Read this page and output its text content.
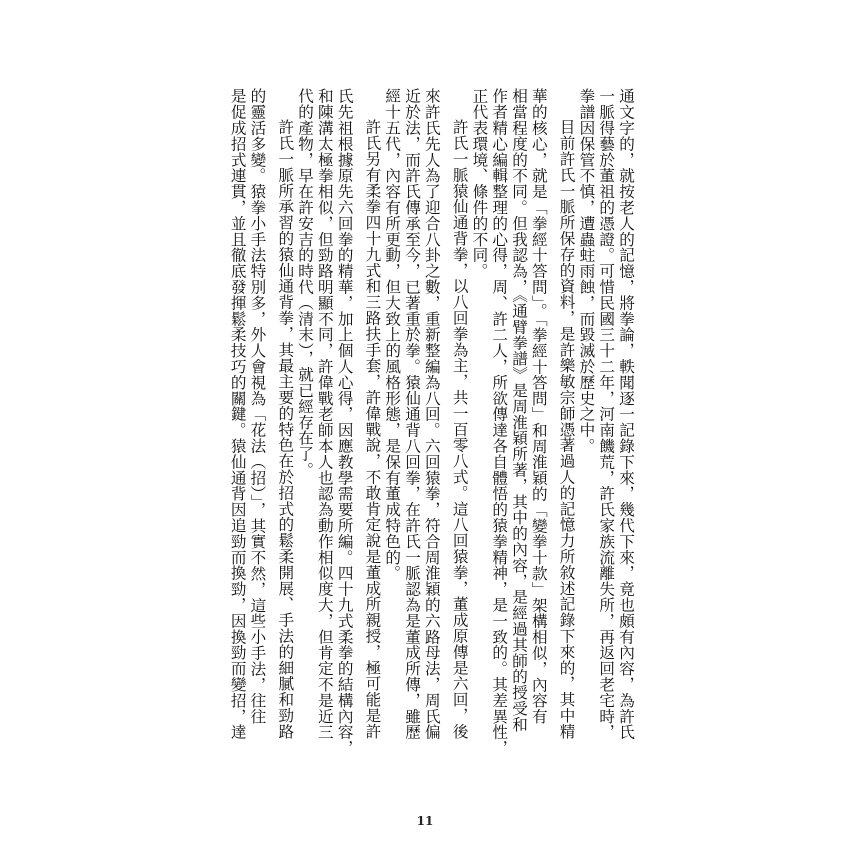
通文字的，就按老人的記憶，將拳論，軼聞逐一記錄下來，幾代下來，竟也頗有內容，為許氏
一脈得藝於董祖的憑證。可惜民國三十二年，河南饑荒，許氏家族流離失所，再返回老宅時，
拳譜因保管不慎，遭蟲蛀雨蝕，而毀滅於歷史之中。
目前許氏一脈所保存的資料，是許樂敏宗師憑著過人的記憶力所敘述記錄下來的，其中精
華的核心，就是「拳經十答問」。「拳經十答問」和周淮穎的「變拳十款」架構相似，內容有
相當程度的不同。但我認為，《通臂拳譜》是周淮穎所著，其中的內容，是經過其師的授受和
作者精心編輯整理的心得，周、許二人，所欲傳達各自體悟的猿拳精神，是一致的。其差異性，
正代表環境、條件的不同。
許氏一脈猿仙通背拳，以八回拳為主，共一百零八式。這八回猿拳，董成原傳是六回，後
來許氏先人為了迎合八卦之數，重新整編為八回。六回猿拳，符合周淮穎的六路母法，周氏偏
近於法，而許氏傳承至今，已著重於拳。猿仙通背八回拳，在許氏一脈認為是董成所傳，雖歷
經十五代，內容有所更動，但大致上的風格形態，是保有董成特色的。
許氏另有柔拳四十九式和三路扶手套，許偉戰說，不敢肯定說是董成所親授，極可能是許
氏先祖根據原先六回拳的精華，加上個人心得，因應教學需要所編。四十九式柔拳的結構內容，
和陳溝太極拳相似，但勁路明顯不同，許偉戰老師本人也認為動作相似度大，但肯定不是近三
代的產物，早在許安吉的時代（清末），就已經存在了。
許氏一脈所承習的猿仙通背拳，其最主要的特色在於招式的鬆柔開展、手法的細膩和勁路
的靈活多變。猿拳小手法特別多，外人會視為「花法（招）」，其實不然，這些小手法，往往
是促成招式連貫，並且徹底發揮鬆柔技巧的關鍵。猿仙通背因追勁而換勁，因換勁而變招，達
11
